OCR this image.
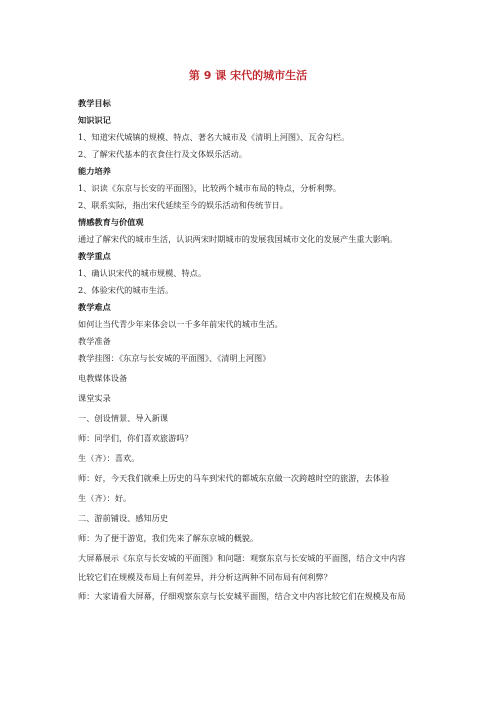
第 9 课 宋代的城市生活

教学目标

知识识记

1、知道宋代城镇的规模、特点、著名大城市及《清明上河图》、瓦舍勾栏。

2、了解宋代基本的衣食住行及文体娱乐活动。

能力培养

1、识读《东京与长安的平面图》，比较两个城市布局的特点，分析利弊。

2、联系实际，指出宋代延续至今的娱乐活动和传统节日。

情感教育与价值观

通过了解宋代的城市生活，认识两宋时期城市的发展我国城市文化的发展产生重大影响。

教学重点

1、确认识宋代的城市规模、特点。

2、体验宋代的城市生活。

教学难点

如何让当代青少年来体会以一千多年前宋代的城市生活。

教学准备

教学挂图：《东京与长安城的平面图》、《清明上河图》

电教媒体设备

课堂实录

一、创设情景、导入新课

师：同学们，你们喜欢旅游吗？

生（齐）：喜欢。

师：好，今天我们就乘上历史的马车到宋代的都城东京做一次跨越时空的旅游，去体验

生（齐）：好。

二、游前铺设、感知历史

师：为了便于游览，我们先来了解东京城的概貌。

大屏幕展示《东京与长安城的平面图》和问题：观察东京与长安城的平面图，结合文中内容

比较它们在规模及布局上有何差异，并分析这两种不同布局有何利弊？

师：大家请看大屏幕，仔细观察东京与长安城平面图，结合文中内容比较它们在规模及布局
